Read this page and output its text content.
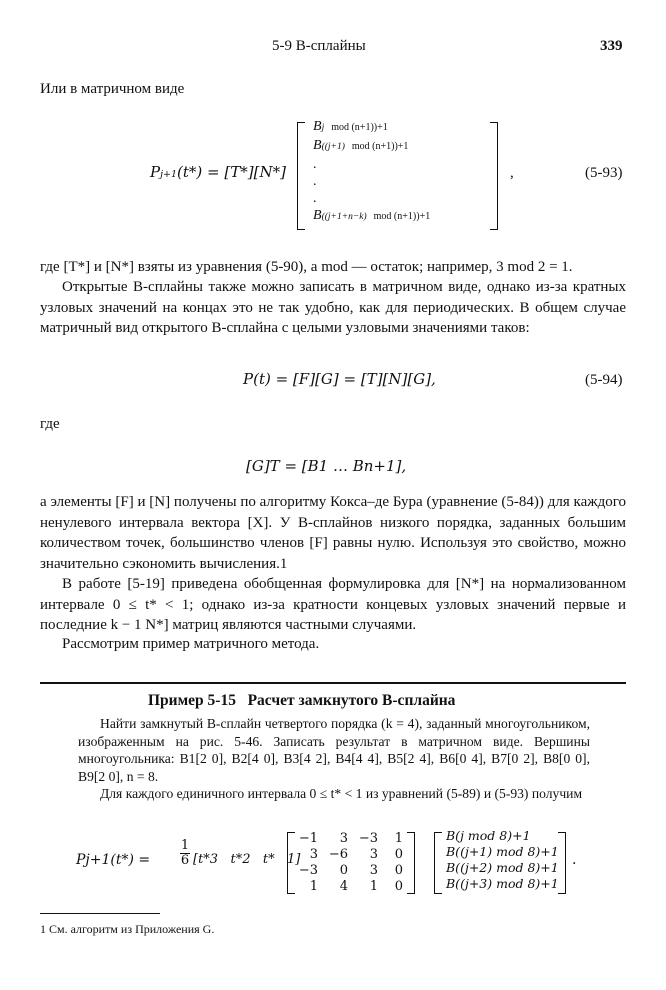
5-9 B-сплайны	339
Или в матричном виде
Pj+1(t*) = [T*][N*]
Bj mod (n+1))+1
B((j+1) mod (n+1))+1
.
.
.
B((j+1+n−k) mod (n+1))+1
,	(5-93)
где [T*] и [N*] взяты из уравнения (5-90), а mod — остаток; например, 3 mod 2 = 1.
Открытые B-сплайны также можно записать в матричном виде, однако из-за кратных узловых значений на концах это не так удобно, как для периодических. В общем случае матричный вид открытого B-сплайна с целыми узловыми значениями таков:
P(t) = [F][G] = [T][N][G],	(5-94)
где
[G]T = [B1 … Bn+1],
а элементы [F] и [N] получены по алгоритму Кокса–де Бура (уравнение (5-84)) для каждого ненулевого интервала вектора [X]. У B-сплайнов низкого порядка, заданных большим количеством точек, большинство членов [F] равны нулю. Используя это свойство, можно значительно сэкономить вычисления.1
В работе [5-19] приведена обобщенная формулировка для [N*] на нормализованном интервале 0 ≤ t* < 1; однако из-за кратности концевых узловых значений первые и последние k − 1 N*] матриц являются частными случаями.
Рассмотрим пример матричного метода.
Пример 5-15   Расчет замкнутого B-сплайна
Найти замкнутый B-сплайн четвертого порядка (k = 4), заданный многоугольником, изображенным на рис. 5-46. Записать результат в матричном виде. Вершины многоугольника: B1[2 0], B2[4 0], B3[4 2], B4[4 4], B5[2 4], B6[0 4], B7[0 2], B8[0 0], B9[2 0], n = 8.
Для каждого единичного интервала 0 ≤ t* < 1 из уравнений (5-89) и (5-93) получим
$Pj+1(t*) = \frac{1}{6} [t*3$   t*2   t*   1]
−1	3 −3	1
3 −6	3	0
−3	0	3	0
1	4	1	0
B(j mod 8)+1
B((j+1) mod 8)+1
B((j+2) mod 8)+1
B((j+3) mod 8)+1
.
1 См. алгоритм из Приложения G.
